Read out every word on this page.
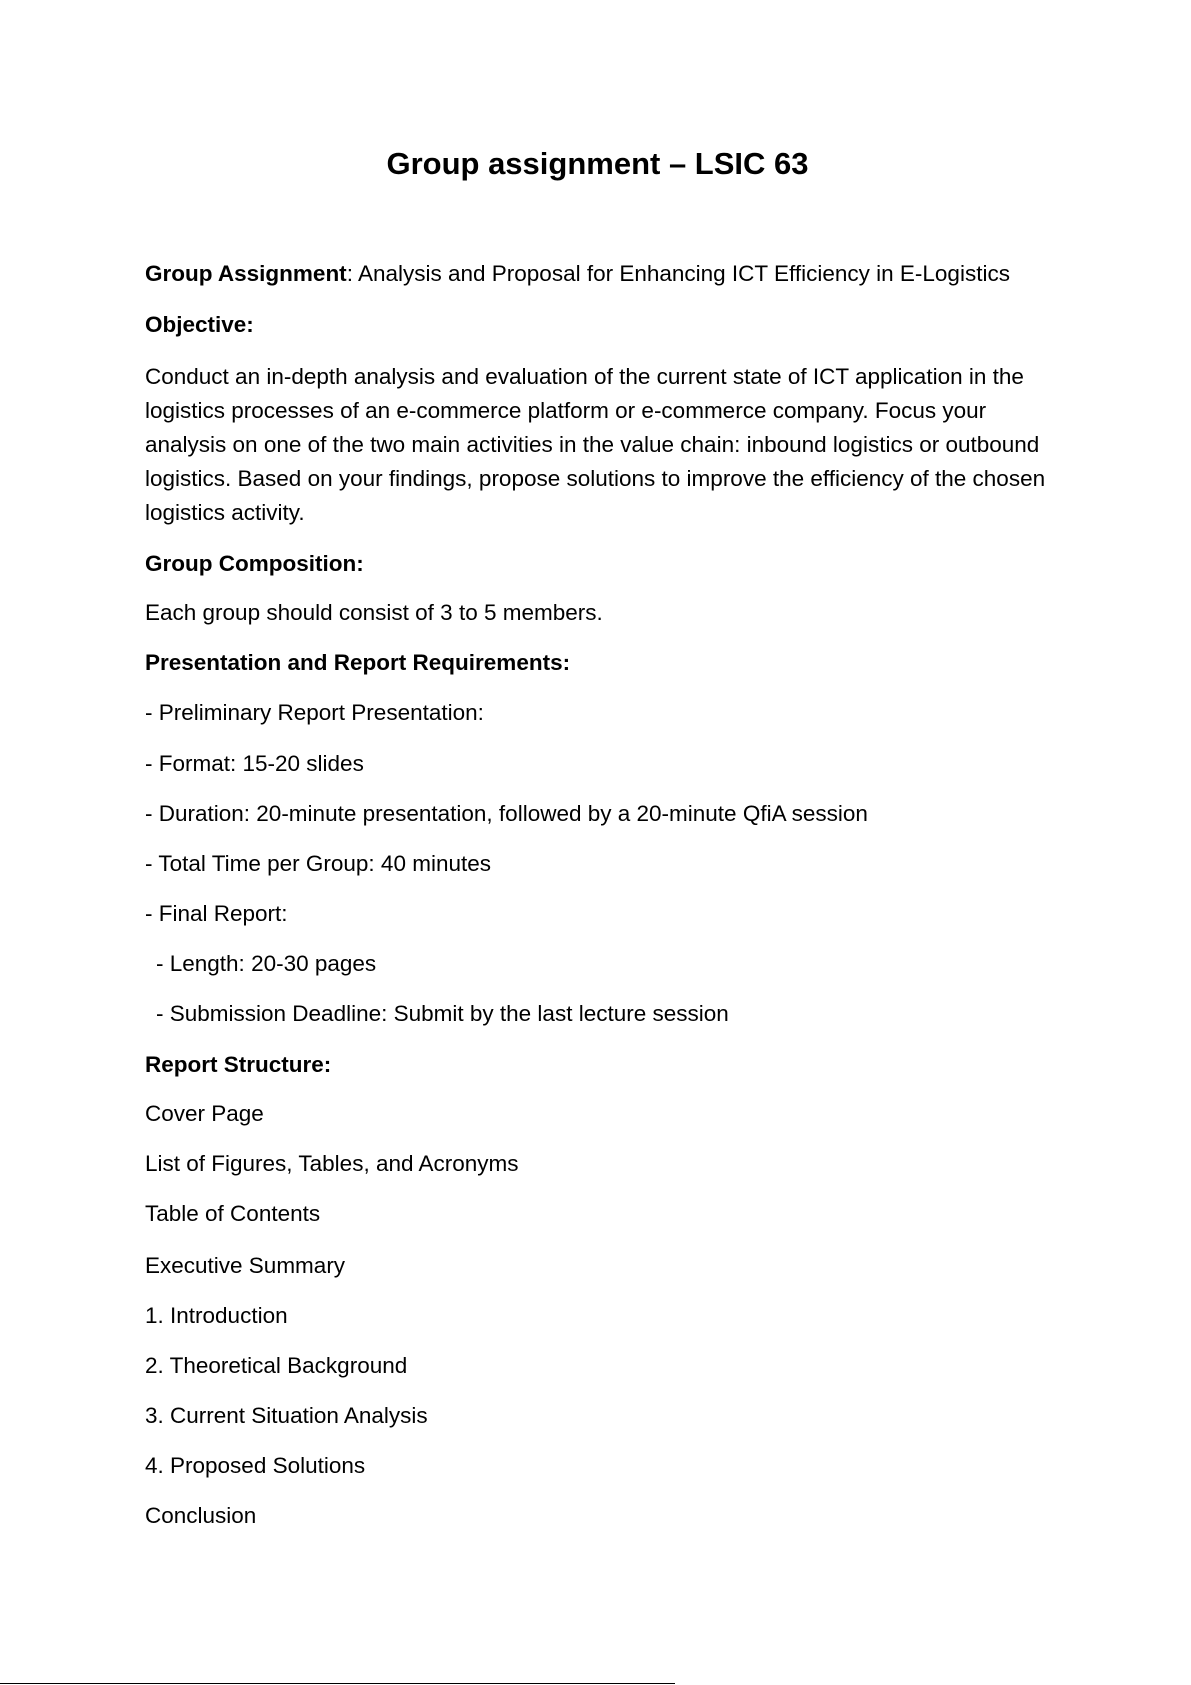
Group assignment – LSIC 63

Group Assignment: Analysis and Proposal for Enhancing ICT Efficiency in E-Logistics

Objective:

Conduct an in-depth analysis and evaluation of the current state of ICT application in the logistics processes of an e-commerce platform or e-commerce company. Focus your analysis on one of the two main activities in the value chain: inbound logistics or outbound logistics. Based on your findings, propose solutions to improve the efficiency of the chosen logistics activity.

Group Composition:

Each group should consist of 3 to 5 members.

Presentation and Report Requirements:

- Preliminary Report Presentation:

- Format: 15-20 slides

- Duration: 20-minute presentation, followed by a 20-minute QfiA session

- Total Time per Group: 40 minutes

- Final Report:

- Length: 20-30 pages

- Submission Deadline: Submit by the last lecture session

Report Structure:

Cover Page

List of Figures, Tables, and Acronyms

Table of Contents

Executive Summary

1. Introduction

2. Theoretical Background

3. Current Situation Analysis

4. Proposed Solutions

Conclusion
